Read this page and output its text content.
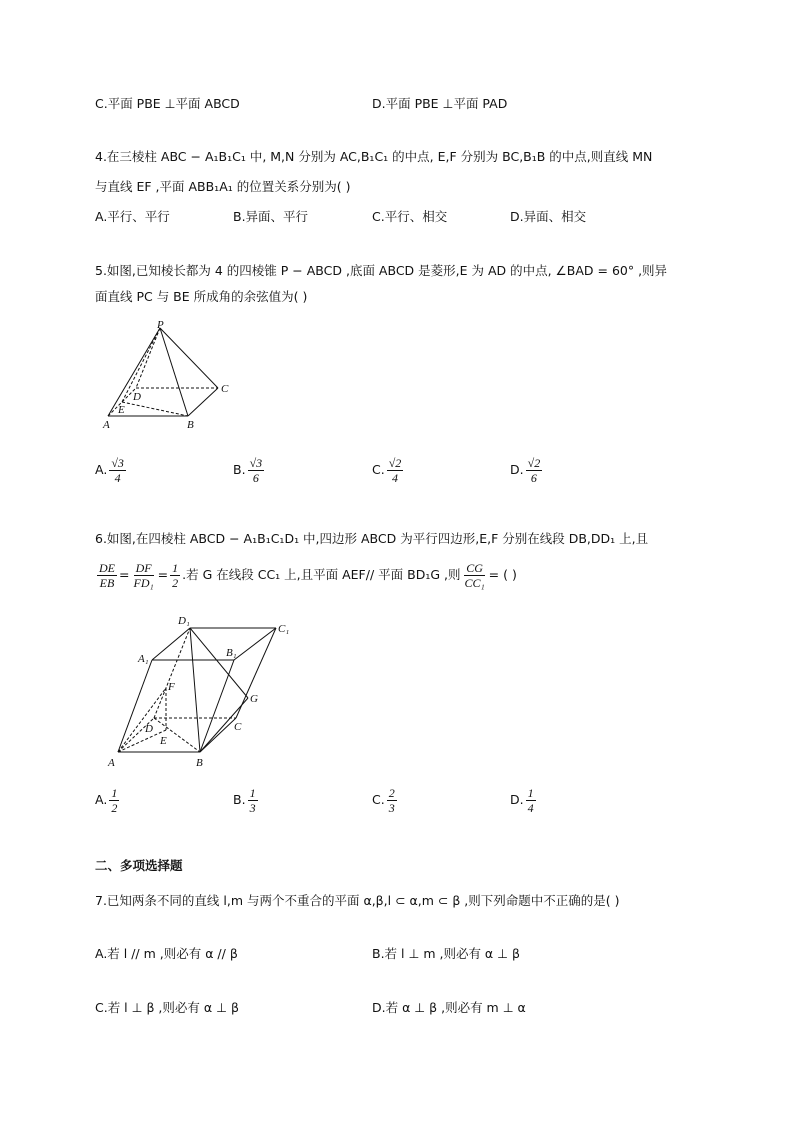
C.平面 PBE ⊥平面 ABCD	D.平面 PBE ⊥平面 PAD
4.在三棱柱 ABC − A₁B₁C₁ 中, M,N 分别为 AC,B₁C₁ 的中点, E,F 分别为 BC,B₁B 的中点,则直线 MN
与直线 EF ,平面 ABB₁A₁ 的位置关系分别为( )
A.平行、平行	B.异面、平行	C.平行、相交	D.异面、相交
5.如图,已知棱长都为 4 的四棱锥 P − ABCD ,底面 ABCD 是菱形,E 为 AD 的中点, ∠BAD = 60° ,则异
面直线 PC 与 BE 所成角的余弦值为( )
P
D
C
E
A	B
A. $\frac{√3}{4}$	B. $\frac{√3}{6}$	C. $\frac{√2}{4}$	D. $\frac{√2}{6}$
6.如图,在四棱柱 ABCD − A₁B₁C₁D₁ 中,四边形 ABCD 为平行四边形,E,F 分别在线段 DB,DD₁ 上,且
$\frac{DE}{EB} = \frac{DF}{\text{FD₁}} = \frac{1}{2}$ .若 G 在线段 CC₁ 上,且平面 AEF// 平面 BD₁G ,则 $\frac{CG}{\text{CC₁}}$ = ( )
D₁
C₁
A₁	B₁
F
G
D	C
E
A	B
A. $\frac{1}{2}$	B. $\frac{1}{3}$	C. $\frac{2}{3}$	D. $\frac{1}{4}$
二、多项选择题
7.已知两条不同的直线 l,m 与两个不重合的平面 α,β,l ⊂ α,m ⊂ β ,则下列命题中不正确的是( )
A.若 l // m ,则必有 α // β	B.若 l ⊥ m ,则必有 α ⊥ β
C.若 l ⊥ β ,则必有 α ⊥ β	D.若 α ⊥ β ,则必有 m ⊥ α
